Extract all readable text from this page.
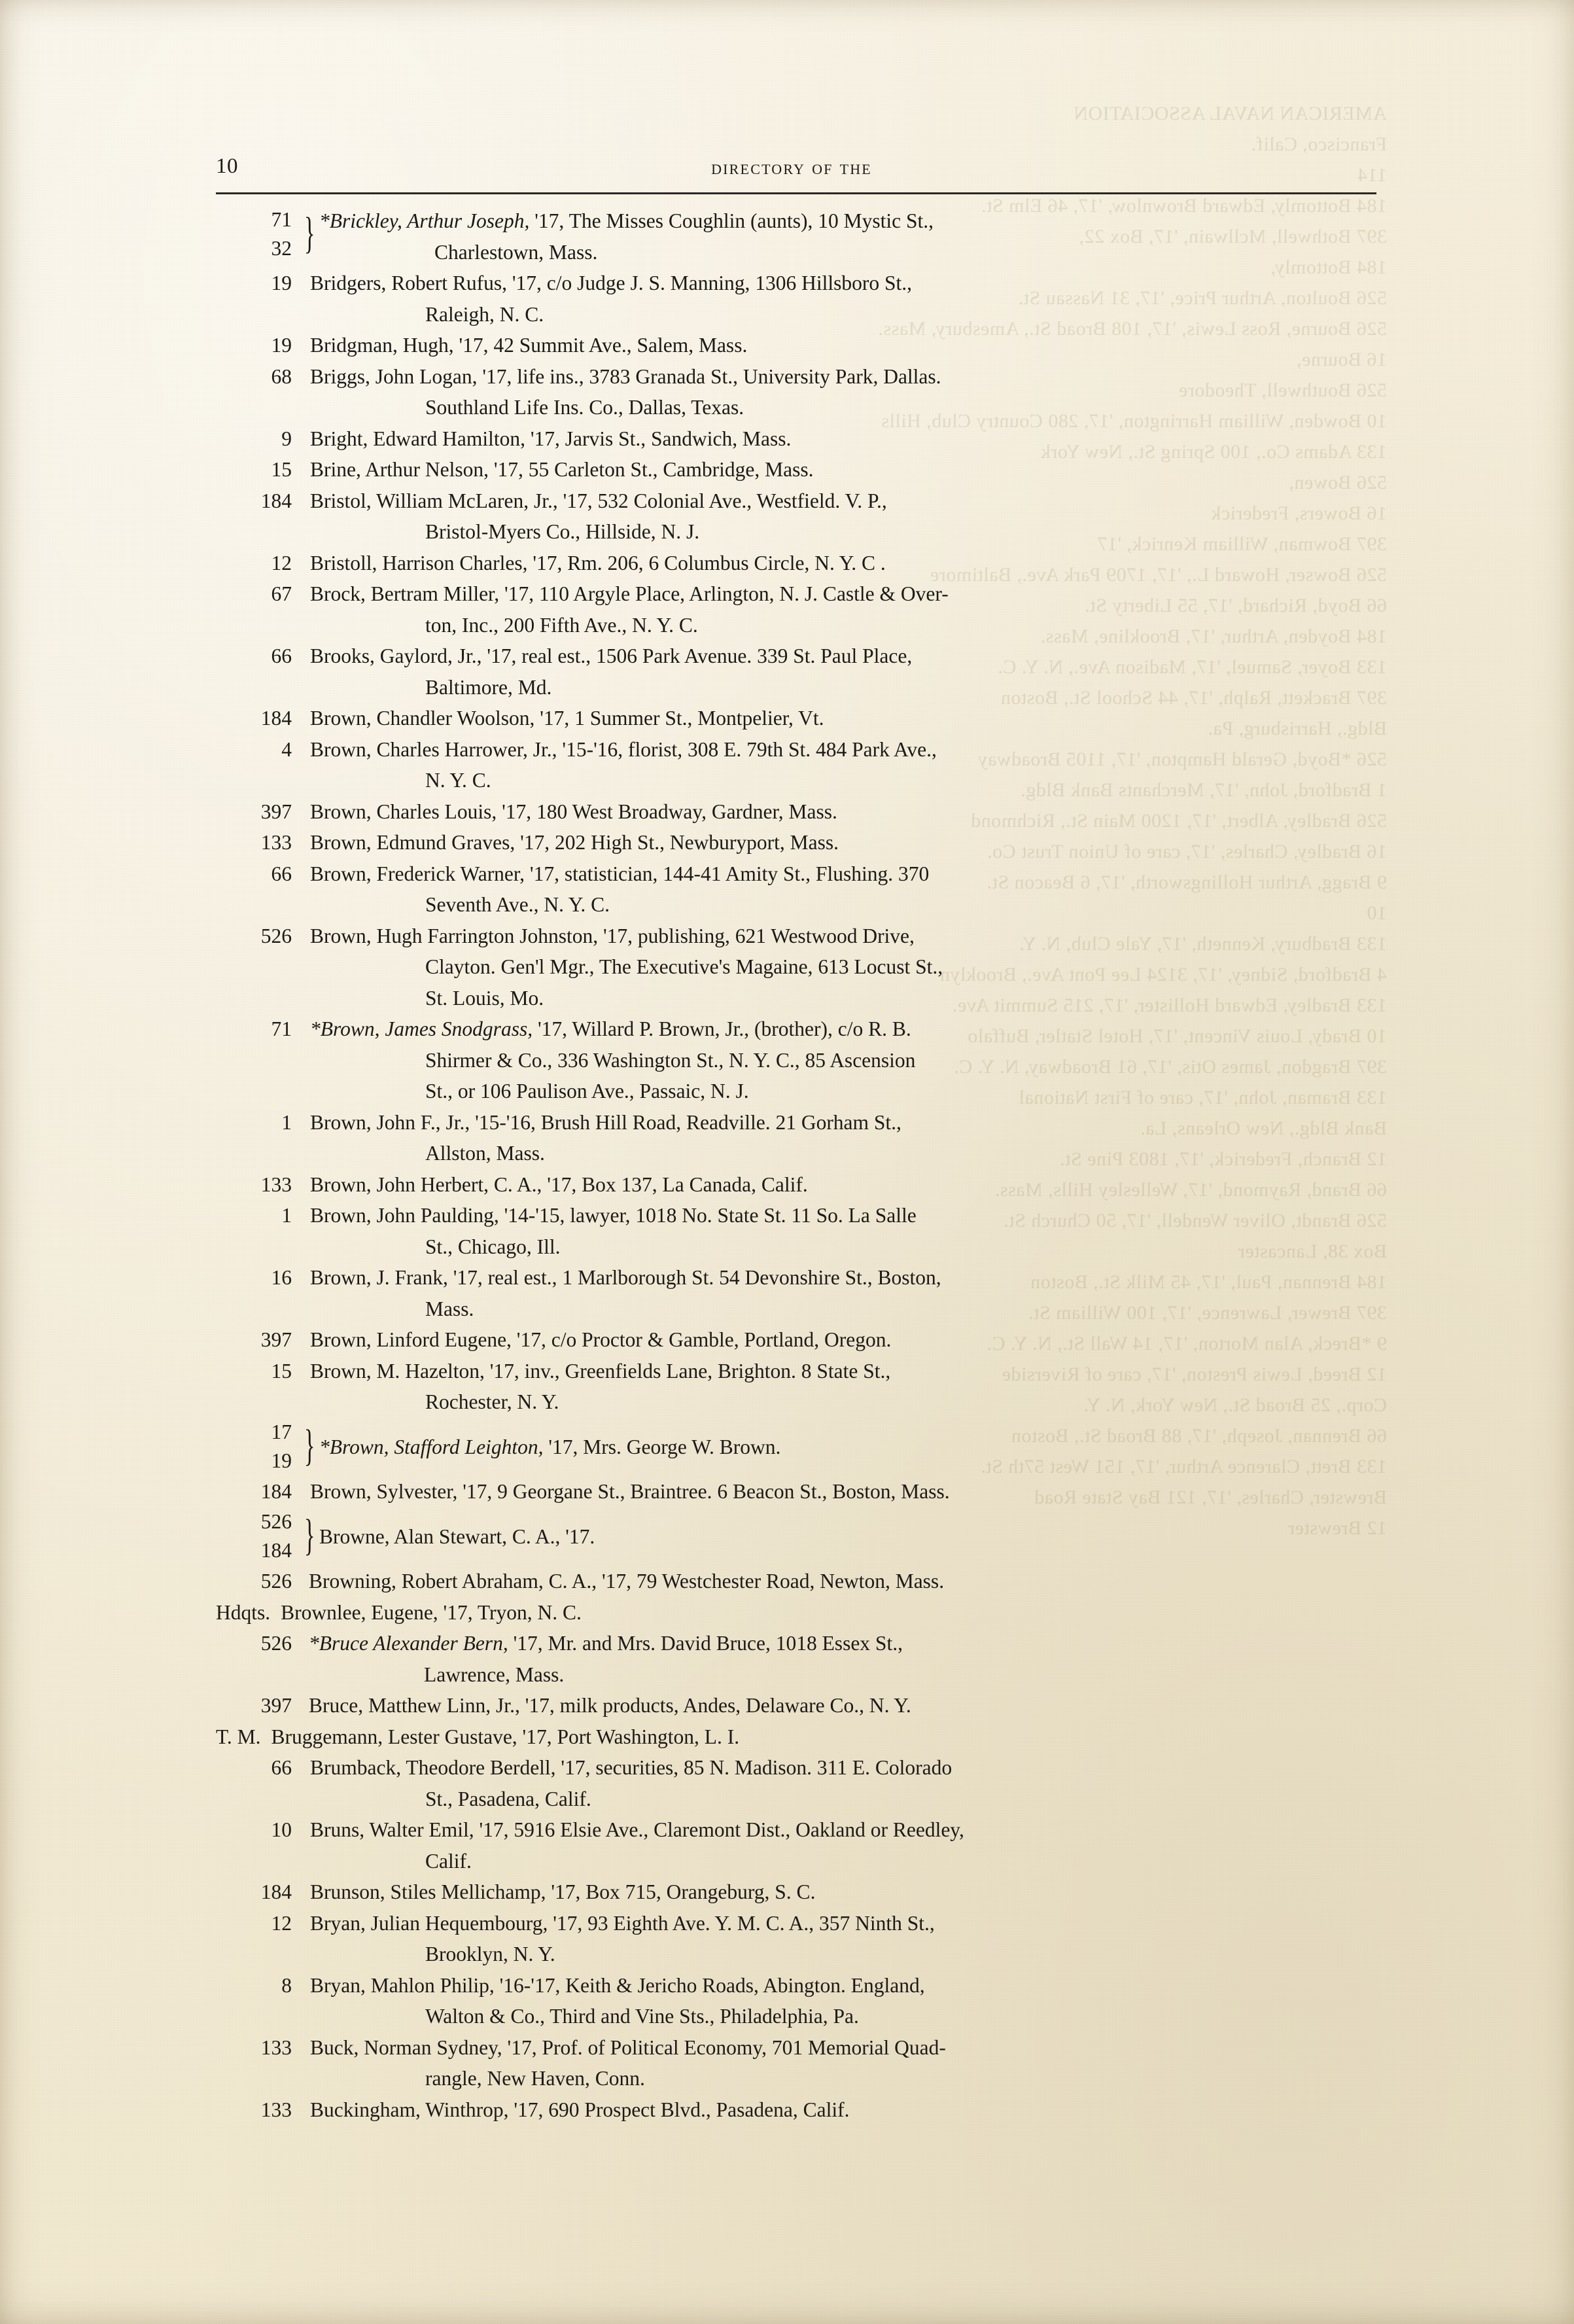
10	directory of the
71
32 } *Brickley, Arthur Joseph, '17, The Misses Coughlin (aunts), 10 Mystic St.,
Charlestown, Mass.
19 Bridgers, Robert Rufus, '17, c/o Judge J. S. Manning, 1306 Hillsboro St.,
Raleigh, N. C.
19 Bridgman, Hugh, '17, 42 Summit Ave., Salem, Mass.
68 Briggs, John Logan, '17, life ins., 3783 Granada St., University Park, Dallas.
Southland Life Ins. Co., Dallas, Texas.
9 Bright, Edward Hamilton, '17, Jarvis St., Sandwich, Mass.
15 Brine, Arthur Nelson, '17, 55 Carleton St., Cambridge, Mass.
184 Bristol, William McLaren, Jr., '17, 532 Colonial Ave., Westfield. V. P.,
Bristol-Myers Co., Hillside, N. J.
12 Bristoll, Harrison Charles, '17, Rm. 206, 6 Columbus Circle, N. Y. C .
67 Brock, Bertram Miller, '17, 110 Argyle Place, Arlington, N. J. Castle & Over-
ton, Inc., 200 Fifth Ave., N. Y. C.
66 Brooks, Gaylord, Jr., '17, real est., 1506 Park Avenue. 339 St. Paul Place,
Baltimore, Md.
184 Brown, Chandler Woolson, '17, 1 Summer St., Montpelier, Vt.
4 Brown, Charles Harrower, Jr., '15-'16, florist, 308 E. 79th St. 484 Park Ave.,
N. Y. C.
397 Brown, Charles Louis, '17, 180 West Broadway, Gardner, Mass.
133 Brown, Edmund Graves, '17, 202 High St., Newburyport, Mass.
66 Brown, Frederick Warner, '17, statistician, 144-41 Amity St., Flushing. 370
Seventh Ave., N. Y. C.
526 Brown, Hugh Farrington Johnston, '17, publishing, 621 Westwood Drive,
Clayton. Gen'l Mgr., The Executive's Magaine, 613 Locust St.,
St. Louis, Mo.
71 *Brown, James Snodgrass, '17, Willard P. Brown, Jr., (brother), c/o R. B.
Shirmer & Co., 336 Washington St., N. Y. C., 85 Ascension
St., or 106 Paulison Ave., Passaic, N. J.
1 Brown, John F., Jr., '15-'16, Brush Hill Road, Readville. 21 Gorham St.,
Allston, Mass.
133 Brown, John Herbert, C. A., '17, Box 137, La Canada, Calif.
1 Brown, John Paulding, '14-'15, lawyer, 1018 No. State St. 11 So. La Salle
St., Chicago, Ill.
16 Brown, J. Frank, '17, real est., 1 Marlborough St. 54 Devonshire St., Boston,
Mass.
397 Brown, Linford Eugene, '17, c/o Proctor & Gamble, Portland, Oregon.
15 Brown, M. Hazelton, '17, inv., Greenfields Lane, Brighton. 8 State St.,
Rochester, N. Y.
17
19 } *Brown, Stafford Leighton, '17, Mrs. George W. Brown.
184 Brown, Sylvester, '17, 9 Georgane St., Braintree. 6 Beacon St., Boston, Mass.
526
184 } Browne, Alan Stewart, C. A., '17.
526 Browning, Robert Abraham, C. A., '17, 79 Westchester Road, Newton, Mass.
Hdqts. Brownlee, Eugene, '17, Tryon, N. C.
526 *Bruce Alexander Bern, '17, Mr. and Mrs. David Bruce, 1018 Essex St.,
Lawrence, Mass.
397 Bruce, Matthew Linn, Jr., '17, milk products, Andes, Delaware Co., N. Y.
T. M. Bruggemann, Lester Gustave, '17, Port Washington, L. I.
66 Brumback, Theodore Berdell, '17, securities, 85 N. Madison. 311 E. Colorado
St., Pasadena, Calif.
10 Bruns, Walter Emil, '17, 5916 Elsie Ave., Claremont Dist., Oakland or Reedley,
Calif.
184 Brunson, Stiles Mellichamp, '17, Box 715, Orangeburg, S. C.
12 Bryan, Julian Hequembourg, '17, 93 Eighth Ave. Y. M. C. A., 357 Ninth St.,
Brooklyn, N. Y.
8 Bryan, Mahlon Philip, '16-'17, Keith & Jericho Roads, Abington. England,
Walton & Co., Third and Vine Sts., Philadelphia, Pa.
133 Buck, Norman Sydney, '17, Prof. of Political Economy, 701 Memorial Quad-
rangle, New Haven, Conn.
133 Buckingham, Winthrop, '17, 690 Prospect Blvd., Pasadena, Calif.
